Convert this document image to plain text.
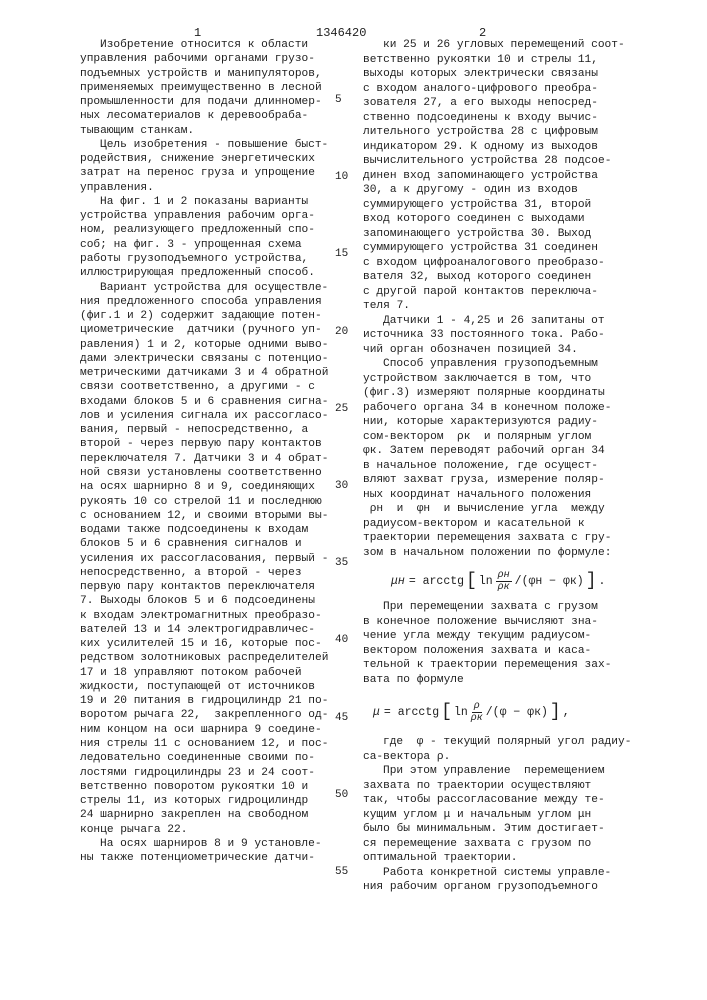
1	1346420	2
Изобретение относится к области
управления рабочими органами грузо-
подъемных устройств и манипуляторов,
применяемых преимущественно в лесной
промышленности для подачи длинномер-
ных лесоматериалов к деревообраба-
тывающим станкам.
Цель изобретения - повышение быст-
родействия, снижение энергетических
затрат на перенос груза и упрощение
управления.
На фиг. 1 и 2 показаны варианты
устройства управления рабочим орга-
ном, реализующего предложенный спо-
соб; на фиг. 3 - упрощенная схема
работы грузоподъемного устройства,
иллюстрирующая предложенный способ.
Вариант устройства для осуществле-
ния предложенного способа управления
(фиг.1 и 2) содержит задающие потен-
циометрические  датчики (ручного уп-
равления) 1 и 2, которые одними выво-
дами электрически связаны с потенцио-
метрическими датчиками 3 и 4 обратной
связи соответственно, а другими - с
входами блоков 5 и 6 сравнения сигна-
лов и усиления сигнала их рассогласо-
вания, первый - непосредственно, а
второй - через первую пару контактов
переключателя 7. Датчики 3 и 4 обрат-
ной связи установлены соответственно
на осях шарнирно 8 и 9, соединяющих
рукоять 10 со стрелой 11 и последнюю
с основанием 12, и своими вторыми вы-
водами также подсоединены к входам
блоков 5 и 6 сравнения сигналов и
усиления их рассогласования, первый -
непосредственно, а второй - через
первую пару контактов переключателя
7. Выходы блоков 5 и 6 подсоединены
к входам электромагнитных преобразо-
вателей 13 и 14 электрогидравличес-
ких усилителей 15 и 16, которые пос-
редством золотниковых распределителей
17 и 18 управляют потоком рабочей
жидкости, поступающей от источников
19 и 20 питания в гидроцилиндр 21 по-
воротом рычага 22,  закрепленного од-
ним концом на оси шарнира 9 соедине-
ния стрелы 11 с основанием 12, и пос-
ледовательно соединенные своими по-
лостями гидроцилиндры 23 и 24 соот-
ветственно поворотом рукоятки 10 и
стрелы 11, из которых гидроцилиндр
24 шарнирно закреплен на свободном
конце рычага 22.
На осях шарниров 8 и 9 установле-
ны также потенциометрические датчи-
ки 25 и 26 угловых перемещений соот-
ветственно рукоятки 10 и стрелы 11,
выходы которых электрически связаны
с входом аналого-цифрового преобра-
зователя 27, а его выходы непосред-
ственно подсоединены к входу вычис-
лительного устройства 28 с цифровым
индикатором 29. К одному из выходов
вычислительного устройства 28 подсое-
динен вход запоминающего устройства
30, а к другому - один из входов
суммирующего устройства 31, второй
вход которого соединен с выходами
запоминающего устройства 30. Выход
суммирующего устройства 31 соединен
с входом цифроаналогового преобразо-
вателя 32, выход которого соединен
с другой парой контактов переключа-
теля 7.
Датчики 1 - 4,25 и 26 запитаны от
источника 33 постоянного тока. Рабо-
чий орган обозначен позицией 34.
Способ управления грузоподъемным
устройством заключается в том, что
(фиг.3) измеряют полярные координаты
рабочего органа 34 в конечном положе-
нии, которые характеризуются радиу-
сом-вектором  ρк  и полярным углом
φк. Затем переводят рабочий орган 34
в начальное положение, где осущест-
вляют захват груза, измерение поляр-
ных координат начального положения
ρн  и  φн  и вычисление угла  между
радиусом-вектором и касательной к
траектории перемещения захвата с гру-
зом в начальном положении по формуле:
μн = arcctg [ ln ρн
ρк /(φн − φк) ] .
При перемещении захвата с грузом
в конечное положение вычисляют зна-
чение угла между текущим радиусом-
вектором положения захвата и каса-
тельной к траектории перемещения зах-
вата по формуле
μ = arcctg [ ln ρ
ρк /(φ − φк) ] ,
где  φ - текущий полярный угол радиу-
са-вектора ρ.
При этом управление  перемещением
захвата по траектории осуществляют
так, чтобы рассогласование между те-
кущим углом μ и начальным углом μн
было бы минимальным. Этим достигает-
ся перемещение захвата с грузом по
оптимальной траектории.
Работа конкретной системы управле-
ния рабочим органом грузоподъемного
5
10
15
20
25
30
35
40
45
50
55
